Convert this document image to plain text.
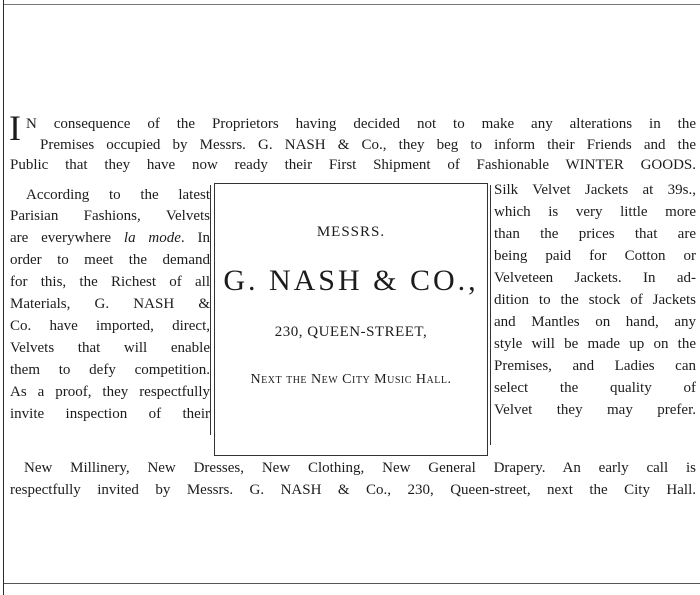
I N consequence of the Proprietors having decided not to make any alterations in the
Premises occupied by Messrs. G. NASH & Co., they beg to inform their Friends and the
Public that they have now ready their First Shipment of Fashionable WINTER GOODS.
According to the latest
Parisian Fashions, Velvets
are everywhere la mode. In
order to meet the demand
for this, the Richest of all
Materials, G. NASH &
Co. have imported, direct,
Velvets that will enable
them to defy competition.
As a proof, they respectfully
invite inspection of their
MESSRS.
G. NASH & CO.,
230, QUEEN-STREET,
Next the New City Music Hall.
Silk Velvet Jackets at 39s.,
which is very little more
than the prices that are
being paid for Cotton or
Velveteen Jackets. In ad-
dition to the stock of Jackets
and Mantles on hand, any
style will be made up on the
Premises, and Ladies can
select the quality of
Velvet they may prefer.
New Millinery, New Dresses, New Clothing, New General Drapery. An early call is
respectfully invited by Messrs. G. NASH & Co., 230, Queen-street, next the City Hall.
